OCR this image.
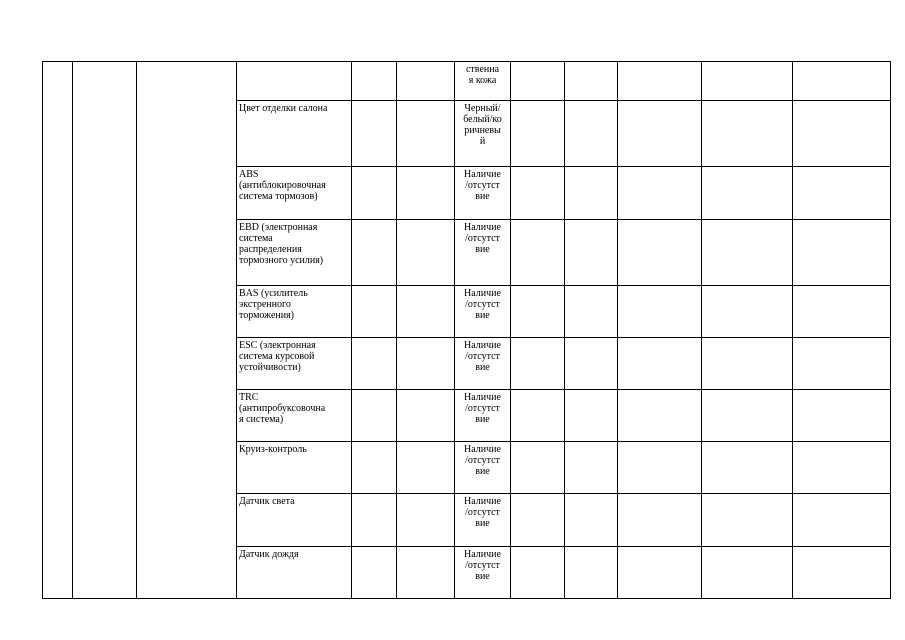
						ственна
я кожа					

			Цвет отделки салона			Черный/
белый/ко
ричневы
й					

			ABS
(антиблокировочная
система тормозов)			Наличие
/отсутст
вие					

			EBD (электронная
система
распределения
тормозного усилия)			Наличие
/отсутст
вие					

			BAS (усилитель
экстренного
торможения)			Наличие
/отсутст
вие					

			ESC (электронная
система курсовой
устойчивости)			Наличие
/отсутст
вие					

			TRC
(антипробуксовочна
я система)			Наличие
/отсутст
вие					

			Круиз-контроль			Наличие
/отсутст
вие					

			Датчик света			Наличие
/отсутст
вие					

			Датчик дождя			Наличие
/отсутст
вие					
